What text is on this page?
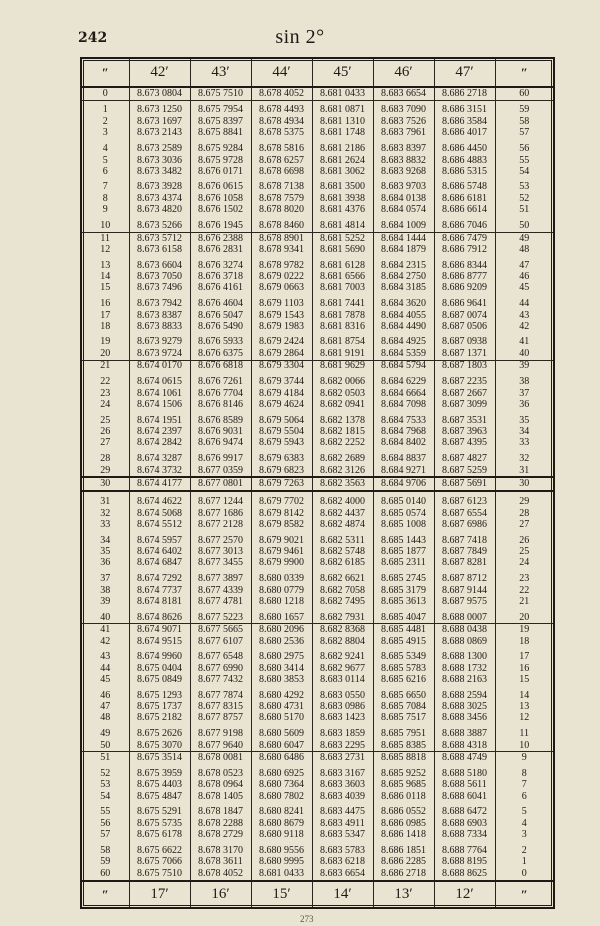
242	sin 2°
″	42′	43′	44′	45′	46′	47′	″
0	8.673 0804	8.675 7510	8.678 4052	8.681 0433	8.683 6654	8.686 2718	60
1	8.673 1250	8.675 7954	8.678 4493	8.681 0871	8.683 7090	8.686 3151	59
2	8.673 1697	8.675 8397	8.678 4934	8.681 1310	8.683 7526	8.686 3584	58
3	8.673 2143	8.675 8841	8.678 5375	8.681 1748	8.683 7961	8.686 4017	57
4	8.673 2589	8.675 9284	8.678 5816	8.681 2186	8.683 8397	8.686 4450	56
5	8.673 3036	8.675 9728	8.678 6257	8.681 2624	8.683 8832	8.686 4883	55
6	8.673 3482	8.676 0171	8.678 6698	8.681 3062	8.683 9268	8.686 5315	54
7	8.673 3928	8.676 0615	8.678 7138	8.681 3500	8.683 9703	8.686 5748	53
8	8.673 4374	8.676 1058	8.678 7579	8.681 3938	8.684 0138	8.686 6181	52
9	8.673 4820	8.676 1502	8.678 8020	8.681 4376	8.684 0574	8.686 6614	51
10	8.673 5266	8.676 1945	8.678 8460	8.681 4814	8.684 1009	8.686 7046	50
11	8.673 5712	8.676 2388	8.678 8901	8.681 5252	8.684 1444	8.686 7479	49
12	8.673 6158	8.676 2831	8.678 9341	8.681 5690	8.684 1879	8.686 7912	48
13	8.673 6604	8.676 3274	8.678 9782	8.681 6128	8.684 2315	8.686 8344	47
14	8.673 7050	8.676 3718	8.679 0222	8.681 6566	8.684 2750	8.686 8777	46
15	8.673 7496	8.676 4161	8.679 0663	8.681 7003	8.684 3185	8.686 9209	45
16	8.673 7942	8.676 4604	8.679 1103	8.681 7441	8.684 3620	8.686 9641	44
17	8.673 8387	8.676 5047	8.679 1543	8.681 7878	8.684 4055	8.687 0074	43
18	8.673 8833	8.676 5490	8.679 1983	8.681 8316	8.684 4490	8.687 0506	42
19	8.673 9279	8.676 5933	8.679 2424	8.681 8754	8.684 4925	8.687 0938	41
20	8.673 9724	8.676 6375	8.679 2864	8.681 9191	8.684 5359	8.687 1371	40
21	8.674 0170	8.676 6818	8.679 3304	8.681 9629	8.684 5794	8.687 1803	39
22	8.674 0615	8.676 7261	8.679 3744	8.682 0066	8.684 6229	8.687 2235	38
23	8.674 1061	8.676 7704	8.679 4184	8.682 0503	8.684 6664	8.687 2667	37
24	8.674 1506	8.676 8146	8.679 4624	8.682 0941	8.684 7098	8.687 3099	36
25	8.674 1951	8.676 8589	8.679 5064	8.682 1378	8.684 7533	8.687 3531	35
26	8.674 2397	8.676 9031	8.679 5504	8.682 1815	8.684 7968	8.687 3963	34
27	8.674 2842	8.676 9474	8.679 5943	8.682 2252	8.684 8402	8.687 4395	33
28	8.674 3287	8.676 9917	8.679 6383	8.682 2689	8.684 8837	8.687 4827	32
29	8.674 3732	8.677 0359	8.679 6823	8.682 3126	8.684 9271	8.687 5259	31
30	8.674 4177	8.677 0801	8.679 7263	8.682 3563	8.684 9706	8.687 5691	30
31	8.674 4622	8.677 1244	8.679 7702	8.682 4000	8.685 0140	8.687 6123	29
32	8.674 5068	8.677 1686	8.679 8142	8.682 4437	8.685 0574	8.687 6554	28
33	8.674 5512	8.677 2128	8.679 8582	8.682 4874	8.685 1008	8.687 6986	27
34	8.674 5957	8.677 2570	8.679 9021	8.682 5311	8.685 1443	8.687 7418	26
35	8.674 6402	8.677 3013	8.679 9461	8.682 5748	8.685 1877	8.687 7849	25
36	8.674 6847	8.677 3455	8.679 9900	8.682 6185	8.685 2311	8.687 8281	24
37	8.674 7292	8.677 3897	8.680 0339	8.682 6621	8.685 2745	8.687 8712	23
38	8.674 7737	8.677 4339	8.680 0779	8.682 7058	8.685 3179	8.687 9144	22
39	8.674 8181	8.677 4781	8.680 1218	8.682 7495	8.685 3613	8.687 9575	21
40	8.674 8626	8.677 5223	8.680 1657	8.682 7931	8.685 4047	8.688 0007	20
41	8.674 9071	8.677 5665	8.680 2096	8.682 8368	8.685 4481	8.688 0438	19
42	8.674 9515	8.677 6107	8.680 2536	8.682 8804	8.685 4915	8.688 0869	18
43	8.674 9960	8.677 6548	8.680 2975	8.682 9241	8.685 5349	8.688 1300	17
44	8.675 0404	8.677 6990	8.680 3414	8.682 9677	8.685 5783	8.688 1732	16
45	8.675 0849	8.677 7432	8.680 3853	8.683 0114	8.685 6216	8.688 2163	15
46	8.675 1293	8.677 7874	8.680 4292	8.683 0550	8.685 6650	8.688 2594	14
47	8.675 1737	8.677 8315	8.680 4731	8.683 0986	8.685 7084	8.688 3025	13
48	8.675 2182	8.677 8757	8.680 5170	8.683 1423	8.685 7517	8.688 3456	12
49	8.675 2626	8.677 9198	8.680 5609	8.683 1859	8.685 7951	8.688 3887	11
50	8.675 3070	8.677 9640	8.680 6047	8.683 2295	8.685 8385	8.688 4318	10
51	8.675 3514	8.678 0081	8.680 6486	8.683 2731	8.685 8818	8.688 4749	9
52	8.675 3959	8.678 0523	8.680 6925	8.683 3167	8.685 9252	8.688 5180	8
53	8.675 4403	8.678 0964	8.680 7364	8.683 3603	8.685 9685	8.688 5611	7
54	8.675 4847	8.678 1405	8.680 7802	8.683 4039	8.686 0118	8.688 6041	6
55	8.675 5291	8.678 1847	8.680 8241	8.683 4475	8.686 0552	8.688 6472	5
56	8.675 5735	8.678 2288	8.680 8679	8.683 4911	8.686 0985	8.688 6903	4
57	8.675 6178	8.678 2729	8.680 9118	8.683 5347	8.686 1418	8.688 7334	3
58	8.675 6622	8.678 3170	8.680 9556	8.683 5783	8.686 1851	8.688 7764	2
59	8.675 7066	8.678 3611	8.680 9995	8.683 6218	8.686 2285	8.688 8195	1
60	8.675 7510	8.678 4052	8.681 0433	8.683 6654	8.686 2718	8.688 8625	0
″	17′	16′	15′	14′	13′	12′	″
273
